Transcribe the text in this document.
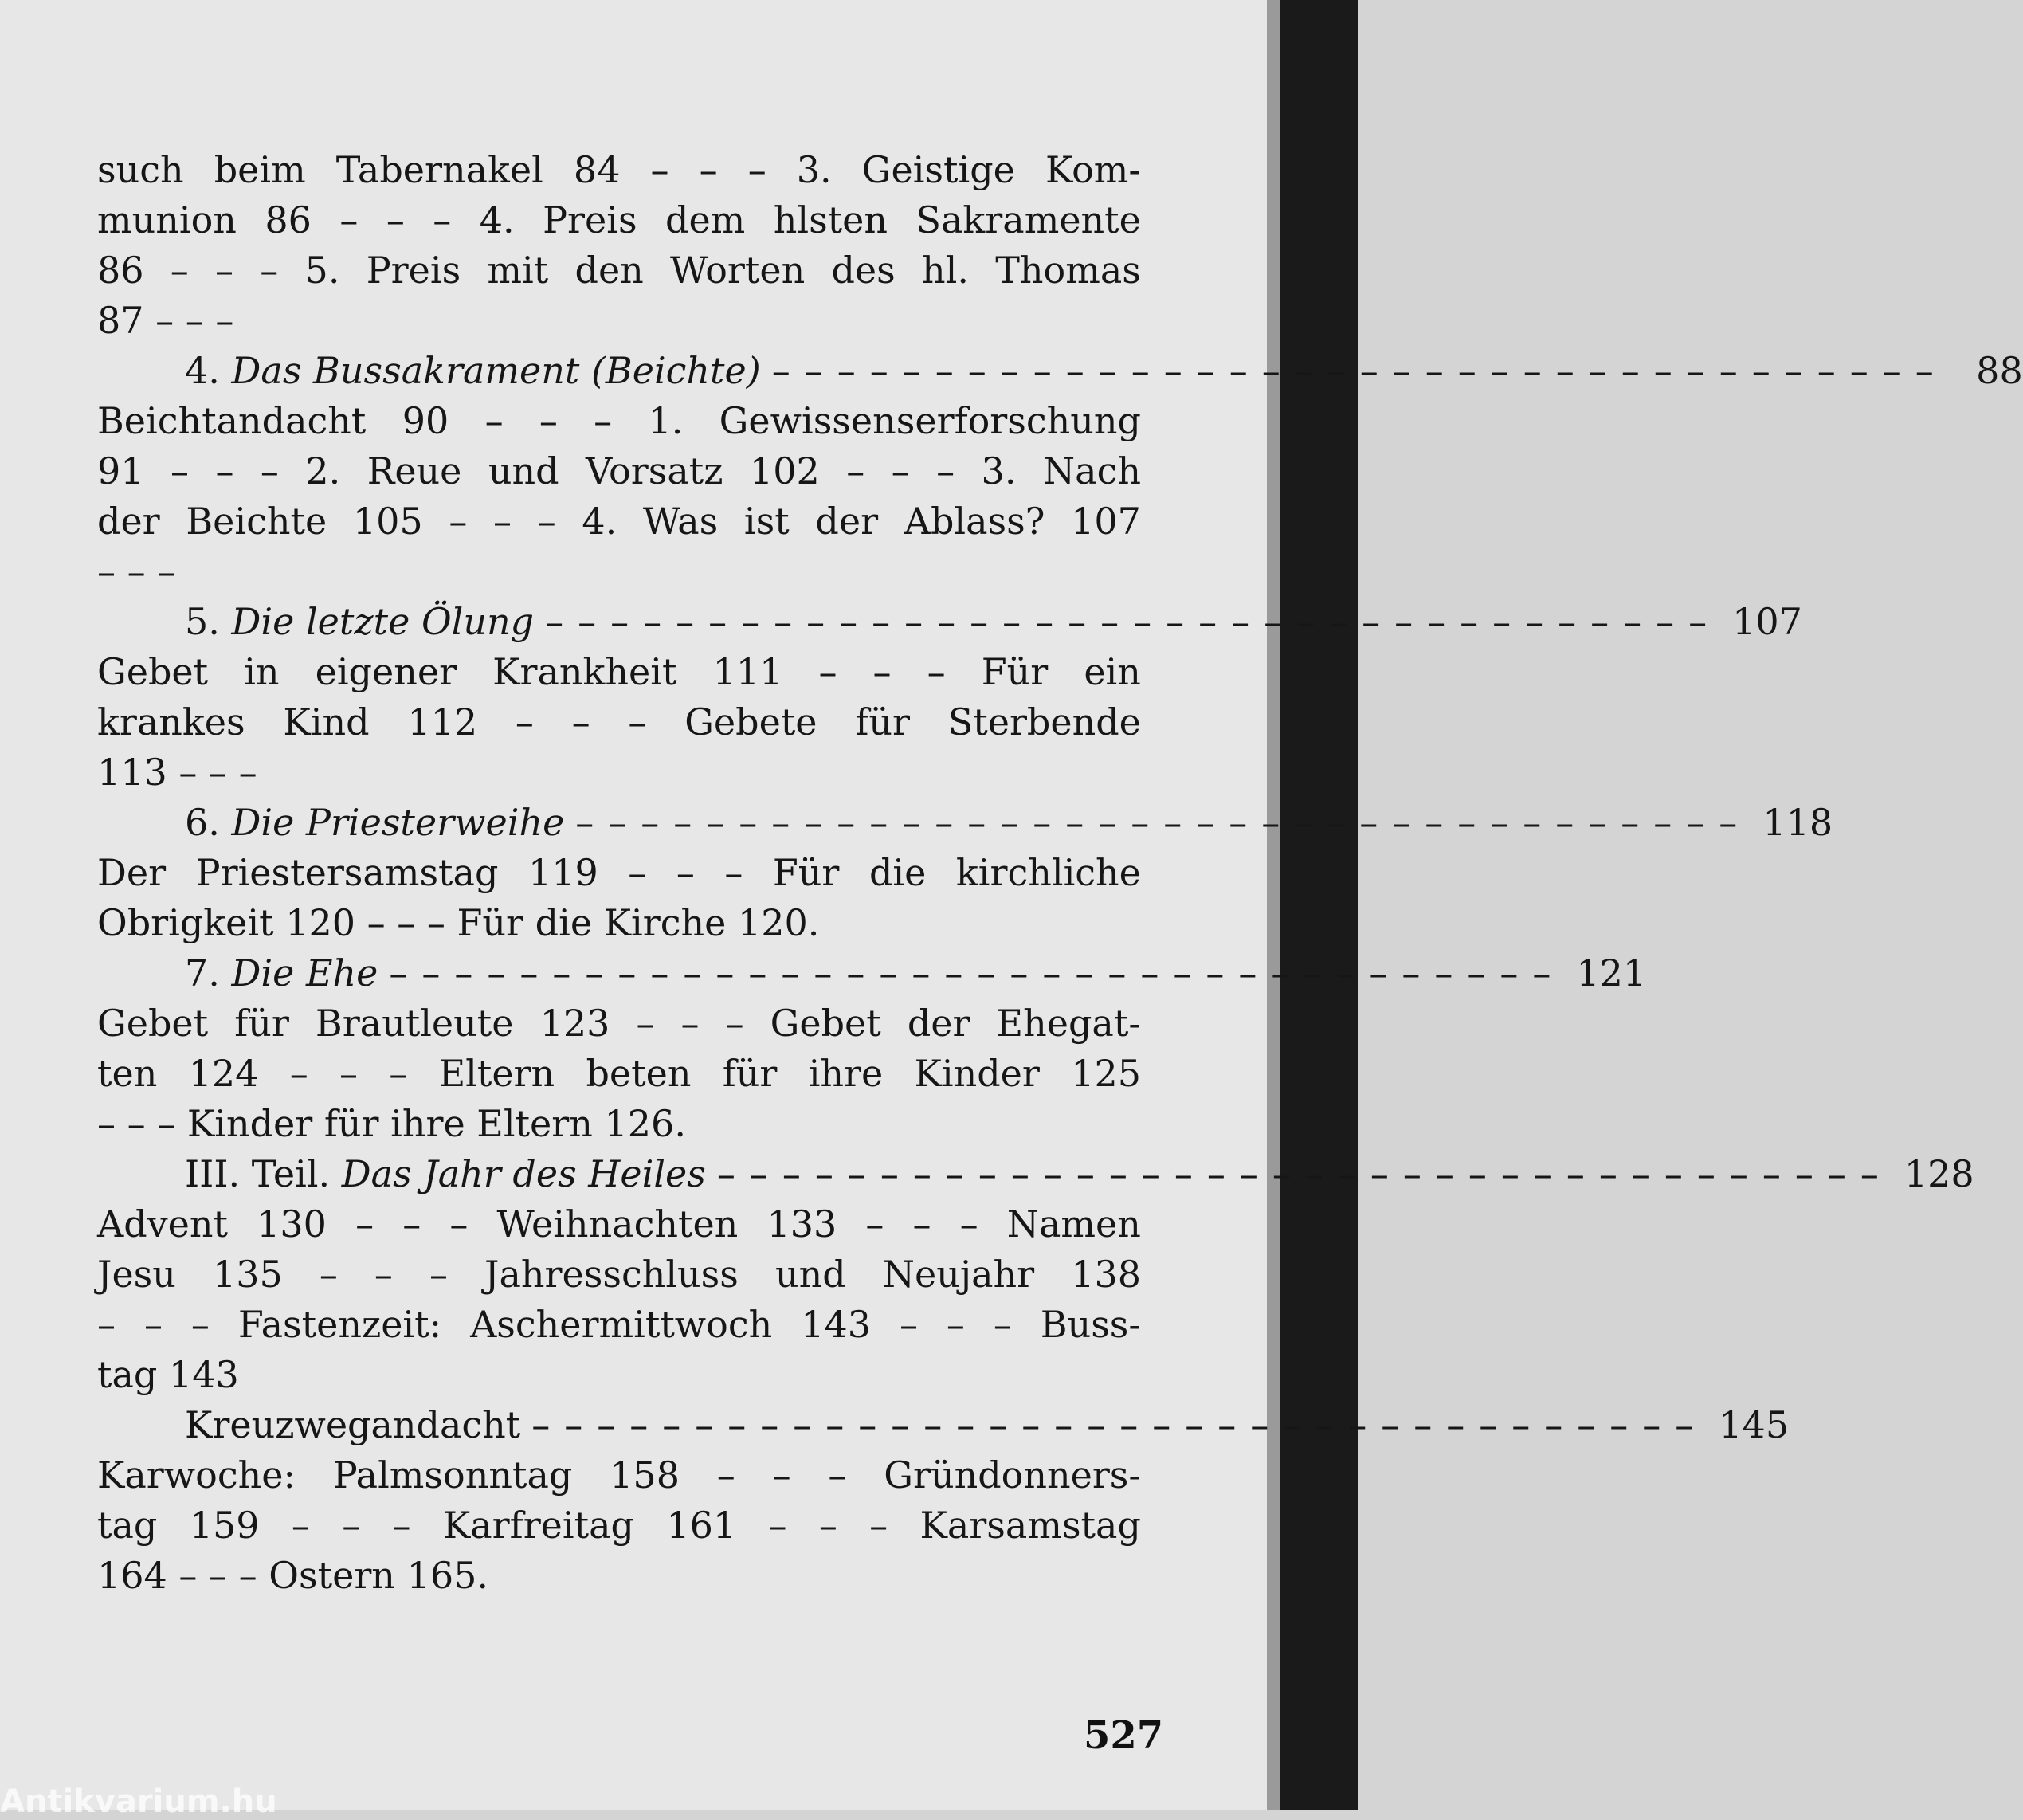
such beim Tabernakel 84 – – – 3. Geistige Kom-
munion 86 – – – 4. Preis dem hlsten Sakramente
86 – – – 5. Preis mit den Worten des hl. Thomas
87 – – –
4. Das Bussakrament (Beichte) –––––––––––––––––––––––––––––––––––– 88
Beichtandacht 90 – – – 1. Gewissenserforschung
91 – – – 2. Reue und Vorsatz 102 – – – 3. Nach
der Beichte 105 – – – 4. Was ist der Ablass? 107
– – –
5. Die letzte Ölung –––––––––––––––––––––––––––––––––––– 107
Gebet in eigener Krankheit 111 – – – Für ein
krankes Kind 112 – – – Gebete für Sterbende
113 – – –
6. Die Priesterweihe –––––––––––––––––––––––––––––––––––– 118
Der Priestersamstag 119 – – – Für die kirchliche
Obrigkeit 120 – – – Für die Kirche 120.
7. Die Ehe –––––––––––––––––––––––––––––––––––– 121
Gebet für Brautleute 123 – – – Gebet der Ehegat-
ten 124 – – – Eltern beten für ihre Kinder 125
– – – Kinder für ihre Eltern 126.
III. Teil. Das Jahr des Heiles –––––––––––––––––––––––––––––––––––– 128
Advent 130 – – – Weihnachten 133 – – – Namen
Jesu 135 – – – Jahresschluss und Neujahr 138
– – – Fastenzeit: Aschermittwoch 143 – – – Buss-
tag 143
Kreuzwegandacht –––––––––––––––––––––––––––––––––––– 145
Karwoche: Palmsonntag 158 – – – Gründonners-
tag 159 – – – Karfreitag 161 – – – Karsamstag
164 – – – Ostern 165.
527
Antikvarium.hu
